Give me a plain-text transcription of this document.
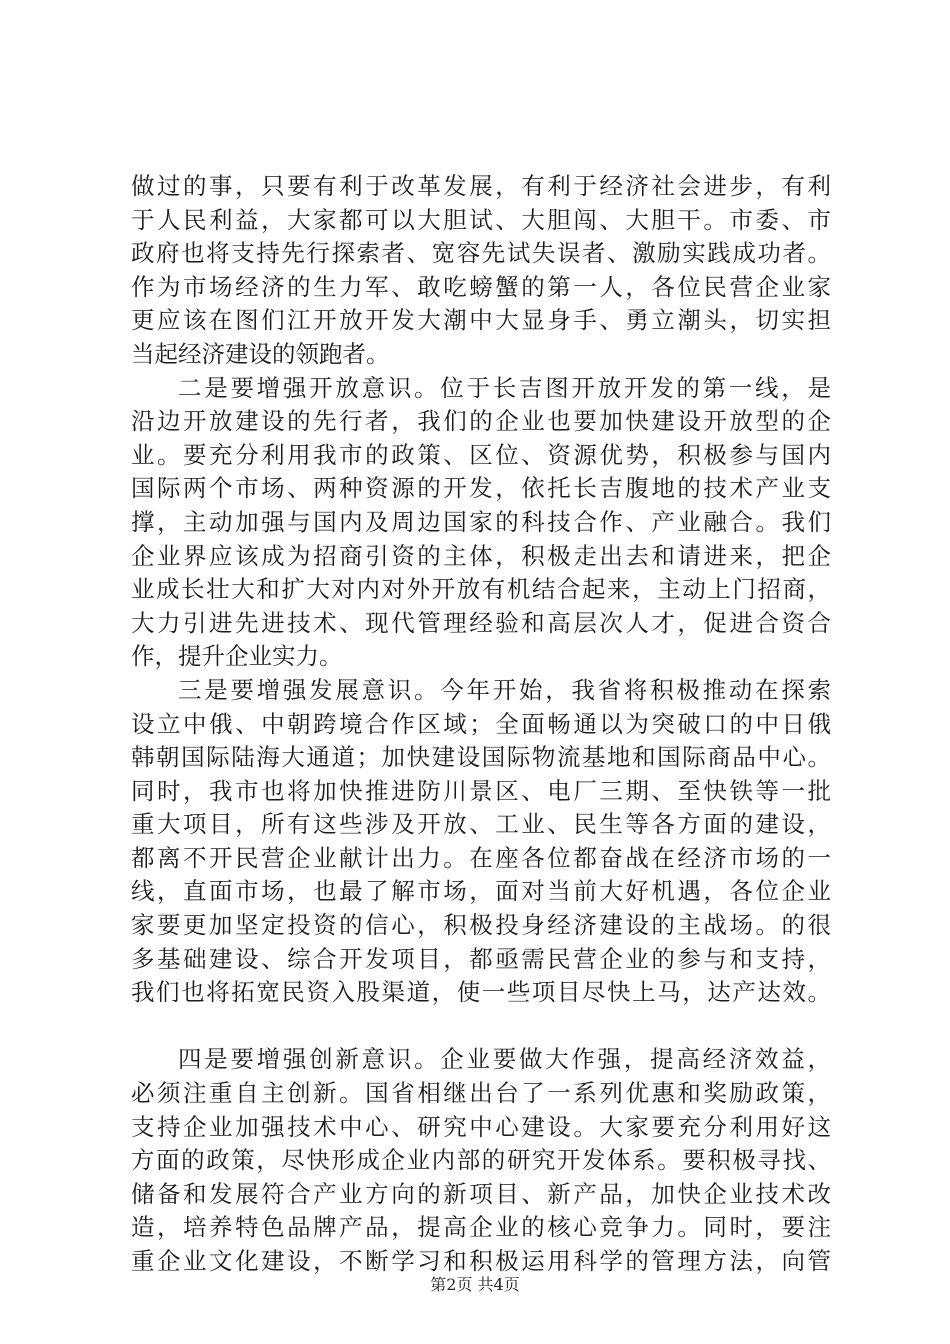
做过的事，只要有利于改革发展，有利于经济社会进步，有利
于人民利益，大家都可以大胆试、大胆闯、大胆干。市委、市
政府也将支持先行探索者、宽容先试失误者、激励实践成功者。
作为市场经济的生力军、敢吃螃蟹的第一人，各位民营企业家
更应该在图们江开放开发大潮中大显身手、勇立潮头，切实担
当起经济建设的领跑者。
二是要增强开放意识。位于长吉图开放开发的第一线，是
沿边开放建设的先行者，我们的企业也要加快建设开放型的企
业。要充分利用我市的政策、区位、资源优势，积极参与国内
国际两个市场、两种资源的开发，依托长吉腹地的技术产业支
撑，主动加强与国内及周边国家的科技合作、产业融合。我们
企业界应该成为招商引资的主体，积极走出去和请进来，把企
业成长壮大和扩大对内对外开放有机结合起来，主动上门招商，
大力引进先进技术、现代管理经验和高层次人才，促进合资合
作，提升企业实力。
三是要增强发展意识。今年开始，我省将积极推动在探索
设立中俄、中朝跨境合作区域；全面畅通以为突破口的中日俄
韩朝国际陆海大通道；加快建设国际物流基地和国际商品中心。
同时，我市也将加快推进防川景区、电厂三期、至快铁等一批
重大项目，所有这些涉及开放、工业、民生等各方面的建设，
都离不开民营企业献计出力。在座各位都奋战在经济市场的一
线，直面市场，也最了解市场，面对当前大好机遇，各位企业
家要更加坚定投资的信心，积极投身经济建设的主战场。的很
多基础建设、综合开发项目，都亟需民营企业的参与和支持，
我们也将拓宽民资入股渠道，使一些项目尽快上马，达产达效。
四是要增强创新意识。企业要做大作强，提高经济效益，
必须注重自主创新。国省相继出台了一系列优惠和奖励政策，
支持企业加强技术中心、研究中心建设。大家要充分利用好这
方面的政策，尽快形成企业内部的研究开发体系。要积极寻找、
储备和发展符合产业方向的新项目、新产品，加快企业技术改
造，培养特色品牌产品，提高企业的核心竞争力。同时，要注
重企业文化建设，不断学习和积极运用科学的管理方法，向管
第2页 共4页
